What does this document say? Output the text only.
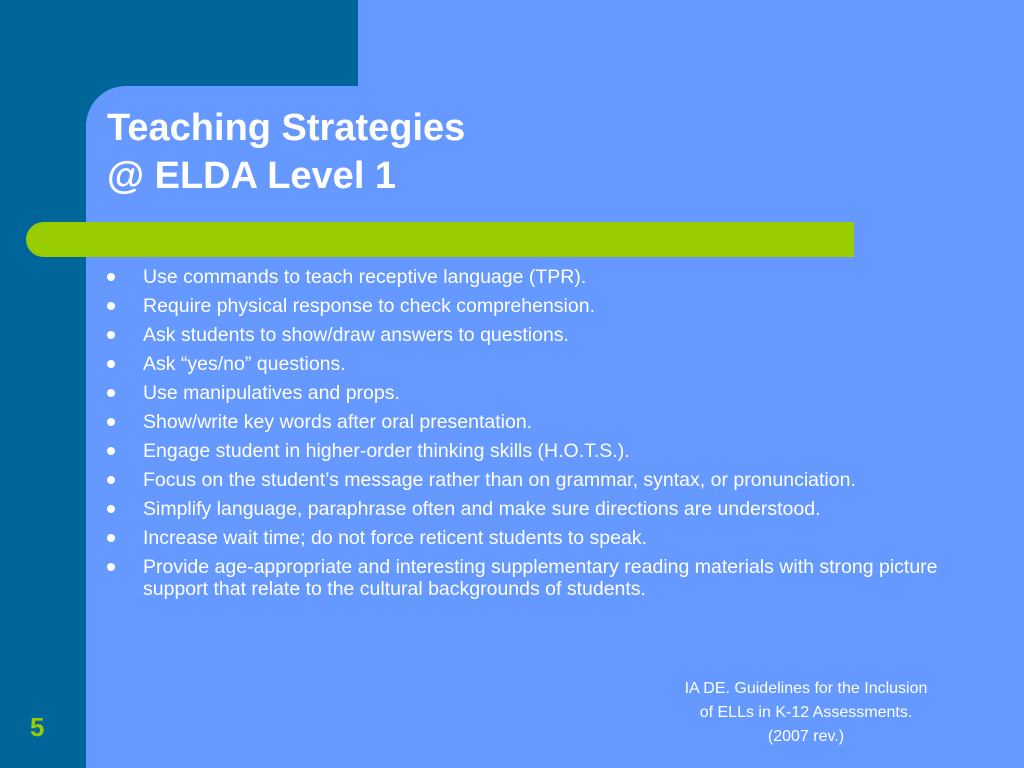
Teaching Strategies
@ ELDA Level 1
Use commands to teach receptive language (TPR).
Require physical response to check comprehension.
Ask students to show/draw answers to questions.
Ask “yes/no” questions.
Use manipulatives and props.
Show/write key words after oral presentation.
Engage student in higher-order thinking skills (H.O.T.S.).
Focus on the student’s message rather than on grammar, syntax, or pronunciation.
Simplify language, paraphrase often and make sure directions are understood.
Increase wait time; do not force reticent students to speak.
Provide age-appropriate and interesting supplementary reading materials with strong picture support that relate to the cultural backgrounds of students.
IA DE. Guidelines for the Inclusion
of ELLs in K-12 Assessments.
(2007 rev.)
5
